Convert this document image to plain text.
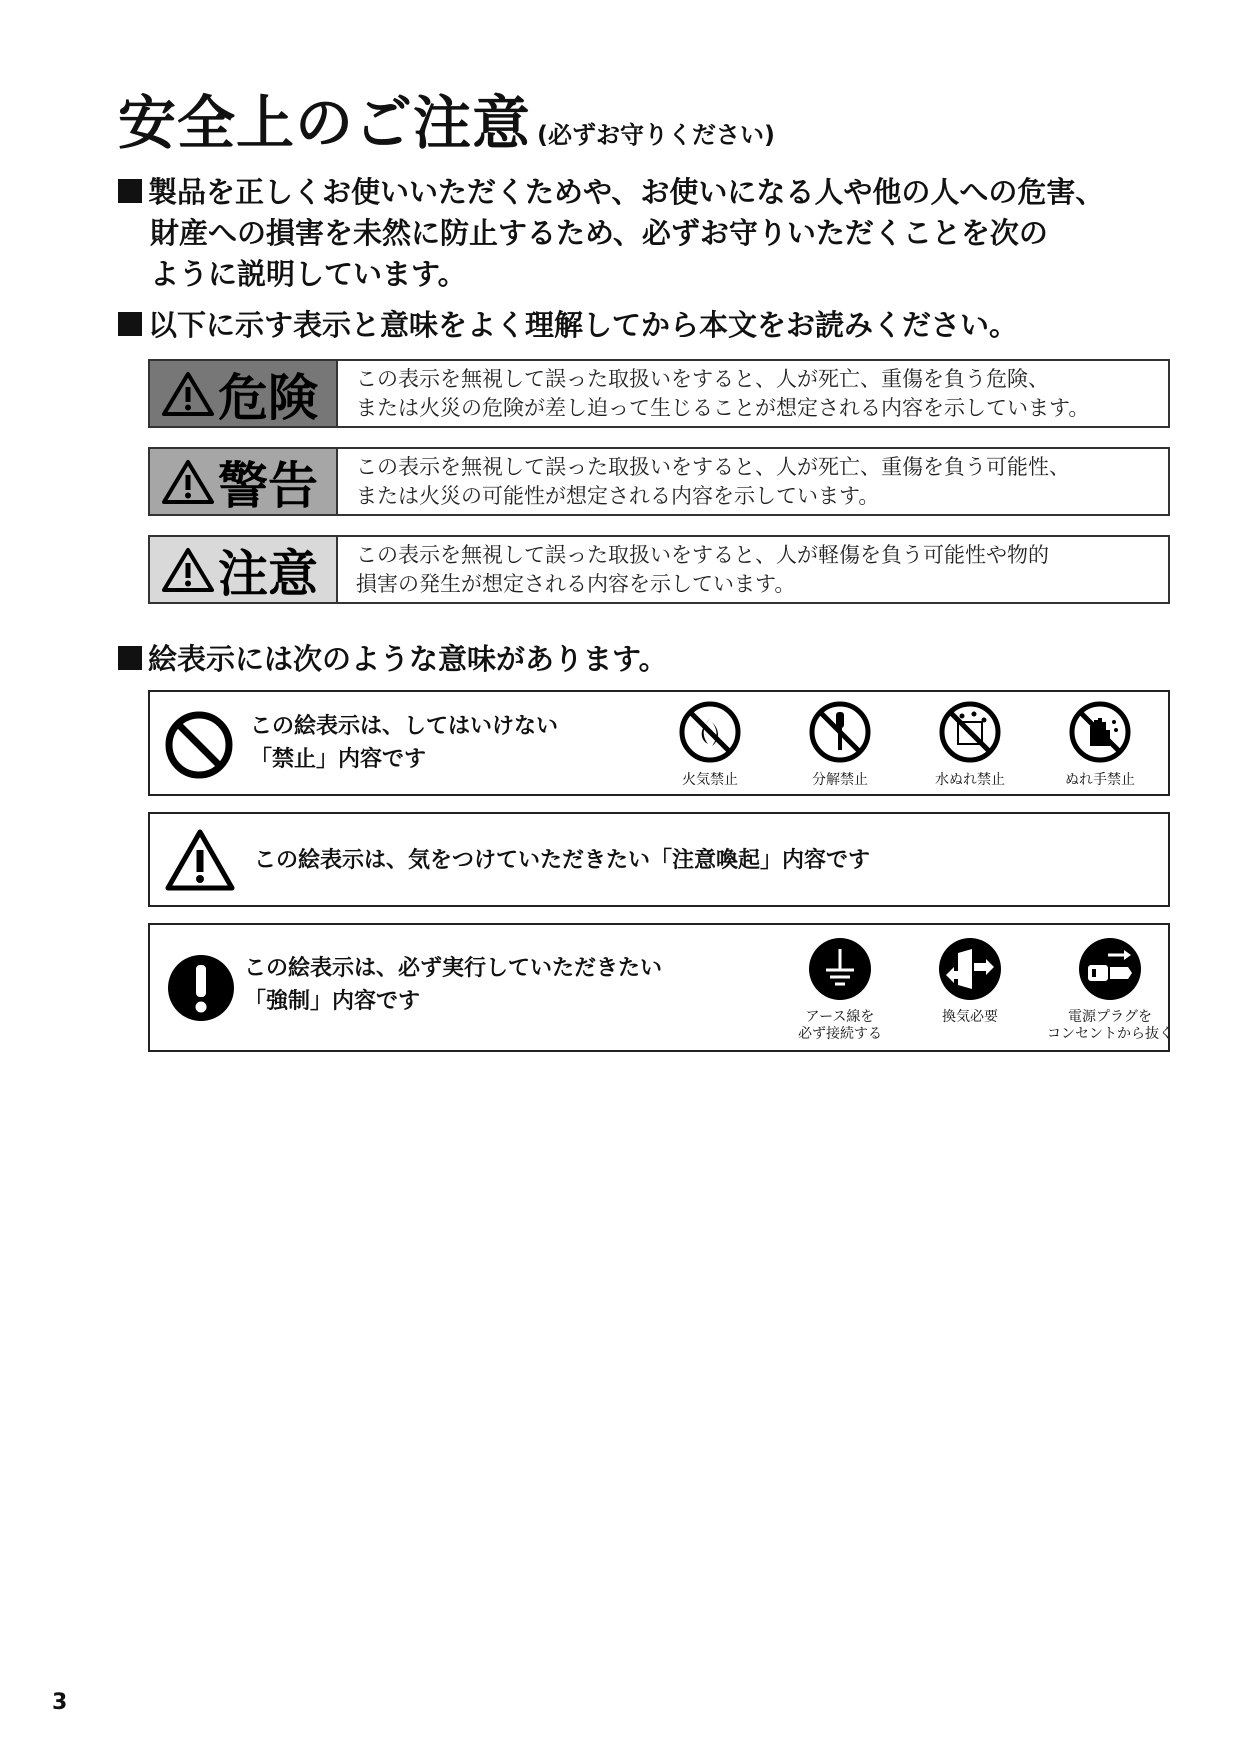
安全上のご注意 (必ずお守りください)
製品を正しくお使いいただくためや、お使いになる人や他の人への危害、
財産への損害を未然に防止するため、必ずお守りいただくことを次の
ように説明しています。
以下に示す表示と意味をよく理解してから本文をお読みください。
危険 この表示を無視して誤った取扱いをすると、人が死亡、重傷を負う危険、
または火災の危険が差し迫って生じることが想定される内容を示しています。
警告 この表示を無視して誤った取扱いをすると、人が死亡、重傷を負う可能性、
または火災の可能性が想定される内容を示しています。
注意 この表示を無視して誤った取扱いをすると、人が軽傷を負う可能性や物的
損害の発生が想定される内容を示しています。
絵表示には次のような意味があります。
この絵表示は、してはいけない
「禁止」内容です
火気禁止	分解禁止	水ぬれ禁止	ぬれ手禁止
この絵表示は、気をつけていただきたい「注意喚起」内容です
この絵表示は、必ず実行していただきたい
「強制」内容です
アース線を
必ず接続する
換気必要	電源プラグを
コンセントから抜く
3
